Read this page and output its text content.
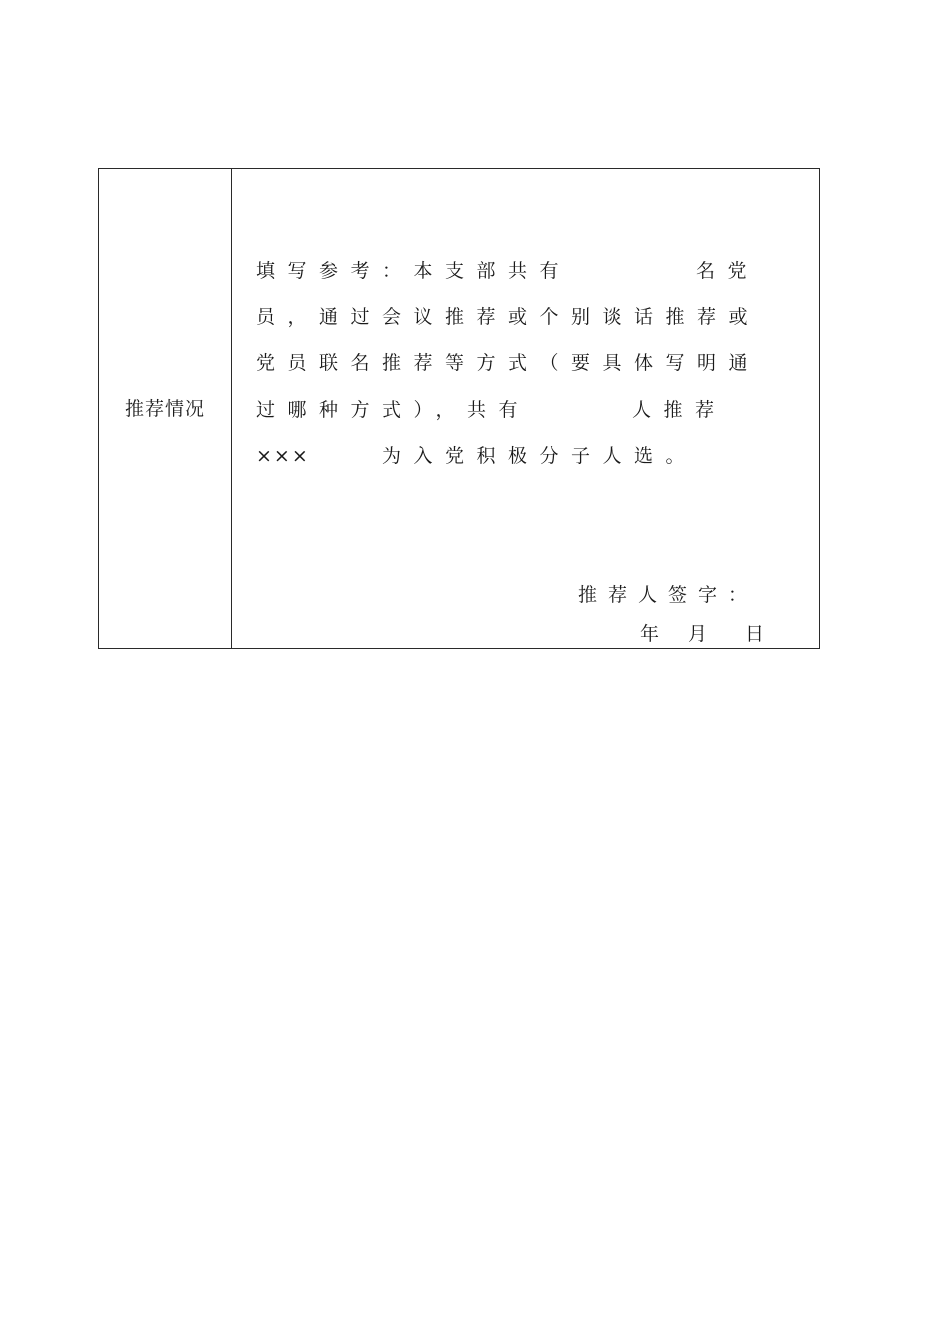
推荐情况
填写参考：本支部共有	名党
员，通过会议推荐或个别谈话推荐或
党员联名推荐等方式（要具体写明通
过哪种方式），共有	人推荐
×××	为入党积极分子人选。
推荐人签字：
年 月 日
